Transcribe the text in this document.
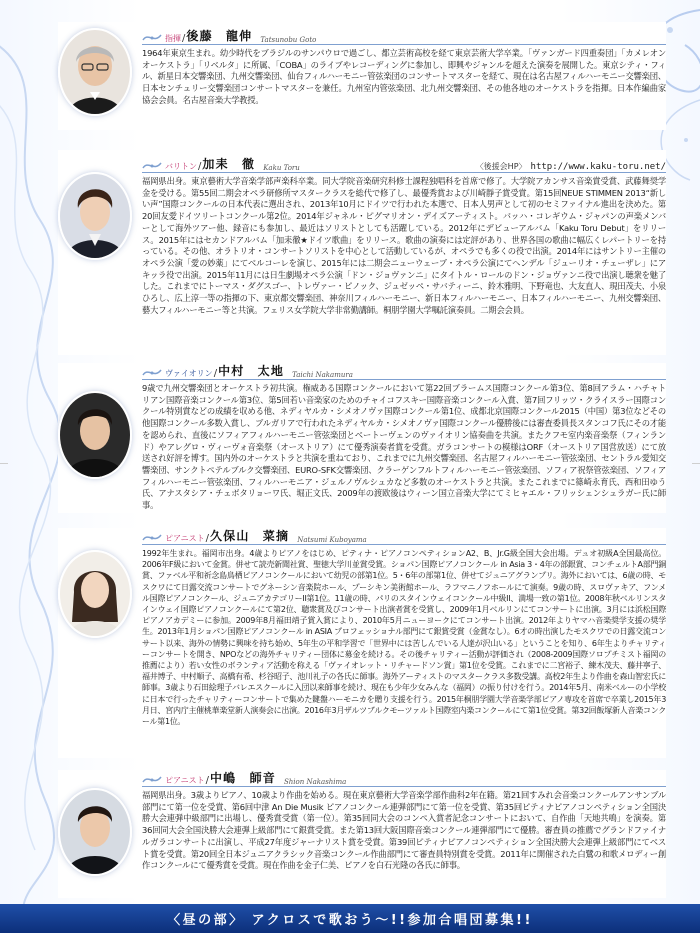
指揮 / 後藤　龍伸 Tatsunobu Goto

1964年東京生まれ。幼少時代をブラジルのサンパウロで過ごし、都立芸術高校を経て東京芸術大学卒業。「ヴァンガード四重奏団」「カメレオンオーケストラ」「リベルタ」に所属、「COBA」のライブやレコーディングに参加し、即興やジャンルを超えた演奏を展開した。東京シティ・フィル、新星日本交響楽団、九州交響楽団、仙台フィルハーモニー管弦楽団のコンサートマスターを経て、現在は名古屋フィルハーモニー交響楽団、日本センチュリー交響楽団コンサートマスターを兼任。九州室内管弦楽団、北九州交響楽団、その他各地のオーケストラを指揮。日本作編曲家協会会員。名古屋音楽大学教授。

バリトン / 加耒　徹 Kaku Toru	〈後援会HP〉 http://www.kaku-toru.net/

福岡県出身。東京藝術大学音楽学部声楽科卒業。同大学院音楽研究科修士課程独唱科を首席で修了。大学院アカンサス音楽賞受賞、武藤舞奨学金を受ける。第55回二期会オペラ研修所マスタークラスを総代で修了し、最優秀賞および川崎靜子賞受賞。第15回NEUE STIMMEN 2013“新しい声”国際コンクールの日本代表に選出され、2013年10月にドイツで行われた本選で、日本人男声として初のセミファイナル進出を決めた。第20回友愛ドイツリートコンクール第2位。2014年ジャネル・ピグマリオン・デイズアーティスト。バッハ・コレギウム・ジャパンの声楽メンバーとして海外ツアー他、録音にも参加し、最近はソリストとしても活躍している。2012年にデビューアルバム「Kaku Toru Debut」をリリース。2015年にはセカンドアルバム「加耒徹★ドイツ歌曲」をリリース。歌曲の演奏には定評があり、世界各国の歌曲に幅広くレパートリーを持っている。その他、オラトリオ・コンサートソリストを中心として活動しているが、オペラでも多くの役で出演。2014年にはサントリー主催のオペラ公演「愛の妙薬」にてベルコーレを演じ、2015年には二期会ニューウェーブ・オペラ公演にてヘンデル「ジューリオ・チェーザレ」にアキッラ役で出演。2015年11月には日生劇場オペラ公演「ドン・ジョヴァンニ」にタイトル・ロールのドン・ジョヴァンニ役で出演し聴衆を魅了した。これまでにトーマス・ダグスゴー、トレヴァー・ピノック、ジュゼッペ・サバティーニ、鈴木雅明、下野竜也、大友直人、現田茂夫、小泉ひろし、広上淳一等の指揮の下、東京都交響楽団、神奈川フィルハーモニー、新日本フィルハーモニー、日本フィルハーモニー、九州交響楽団、藝大フィルハーモニー等と共演。フェリス女学院大学非常勤講師。桐朋学園大学嘱託演奏員。二期会会員。

ヴァイオリン / 中村　太地 Taichi Nakamura

9歳で九州交響楽団とオーケストラ初共演。権威ある国際コンクールにおいて第22回ブラームス国際コンクール第3位、第8回アラム・ハチャトリアン国際音楽コンクール第3位、第5回若い音楽家のためのチャイコフスキー国際音楽コンクール入賞、第7回フリッツ・クライスラー国際コンクール特別賞などの成績を収める他、ネディヤルカ・シメオノヴァ国際コンクール第1位、成都北京国際コンクール2015（中国）第3位などその他国際コンクール多数入賞し、ブルガリアで行われたネディヤルカ・シメオノヴァ国際コンクール優勝後には審査委員長スタンコフ氏にその才能を認められ、直後にソフィアフィルハーモニー管弦楽団とベートーヴェンのヴァイオリン協奏曲を共演。またクフモ室内楽音楽祭（フィンランド）やアレグロ・ヴィーヴォ音楽祭（オーストリア）にて優秀演奏者賞を受賞。ガラコンサートの模様はORF（オーストリア国営放送）にて放送され好評を博す。国内外のオーケストラと共演を重ねており、これまでに九州交響楽団、名古屋フィルハーモニー管弦楽団、セントラル愛知交響楽団、サンクトペテルブルク交響楽団、EURO-SFK交響楽団、クラーゲンフルトフィルハーモニー管弦楽団、ソフィア祝祭管弦楽団、ソフィアフィルハーモニー管弦楽団、フィルハーモニア・ジェルノヴルシュカなど多数のオーケストラと共演。またこれまでに篠崎永育氏、西和田ゆう氏、アナスタシア・チェボタリョーワ氏、堀正文氏、2009年の渡欧後はウィーン国立音楽大学にてミヒャエル・フリッシェンシュラガー氏に師事。

ピアニスト / 久保山　菜摘 Natsumi Kuboyama

1992年生まれ。福岡市出身。4歳よりピアノをはじめ、ピティナ・ピアノコンペティションA2、B、Jr.G級全国大会出場。デュオ初級A全国最高位。2006年F級において金賞。併せて読売新聞社賞、聖徳大学川並賞受賞。ショパン国際ピアノコンクール in Asia 3・4年の部銀賞、コンチェルトA部門銅賞、ファベル平和祈念島鳥栖ピアノコンクールにおいて幼児の部第1位。5・6年の部第1位、併せてジュニアグランプリ。海外においては、6歳の時、モスクワにて日露交流コンサートでグネーシン音楽院ホール、プーシキン美術館ホール、ラフマニノフホールにて演奏。9歳の時、スロヴァキア、フンメル国際ピアノコンクール、ジュニアカテゴリーII第1位。11歳の時、パリのスタインウェイコンクール中級II、満場一致の第1位。2008年秋ベルリンスタインウェイ国際ピアノコンクールにて第2位、聴衆賞及びコンサート出演者賞を受賞し、2009年1月ベルリンにてコンサートに出演。3月には浜松国際ピアノアカデミーに参加。2009年8月福田靖子賞入賞により、2010年5月ニューヨークにてコンサート出演。2012年よりヤマハ音楽奨学支援の奨学生。2013年1月ショパン国際ピアノコンクール in ASIA プロフェッショナル部門にて銀賞受賞（金賞なし）。6才の時出演したモスクワでの日露交流コンサート以来、海外の情勢に興味を持ち始め、5年生の平和学習で「世界中には苦しんでいる人達が沢山いる」ということを知り、6年生よりチャリティーコンサートを開き、NPOなどの海外チャリティー団体に募金を続ける。その後チャリティー活動が評価され（2008-2009国際ソロプチミスト福岡の推薦により）若い女性のボランティア活動を称える「ヴァイオレット・リチャードソン賞」第1位を受賞。これまでに二宮裕子、練木茂夫、藤井寧子、福井博子、中村順子、高橋有希、杉谷昭子、池川礼子の各氏に師事。海外アーティストのマスタークラス多数受講。高校2年生より作曲を森山智宏氏に師事。3歳より石田絵理子バレエスクールに入団以来師事を続け、現在も少年少女みんな（福岡）の振り付けを行う。2014年5月、南米ベルーの小学校に日本で行ったチャリティーコンサートで集めた鍵盤ハーモニカを贈り支援を行う。2015年桐朋学園大学音楽学部ピアノ専攻を首席で卒業し2015年3月日、宮内庁主催桃華楽堂新人演奏会に出演。2016年3月ザルツブルクモーツァルト国際室内楽コンクールにて第1位受賞。第32回飯塚新人音楽コンクール第1位。

ピアニスト / 中嶋　師音 Shion Nakashima

福岡県出身。3歳よりピアノ、10歳より作曲を始める。現在東京藝術大学音楽学部作曲科2年在籍。第21回すみれ会音楽コンクールアンサンブル部門にて第一位を受賞、第6回中津 An Die Musik ピアノコンクール連弾部門にて第一位を受賞、第35回ピティナピアノコンペティション全国決勝大会連弾中級部門に出場し、優秀賞受賞（第一位）。第35回同大会のコンペ入賞者記念コンサートにおいて、自作曲「天地共鳴」を演奏。第36回同大会全国決勝大会連弾上級部門にて銀賞受賞。また第13回大阪国際音楽コンクール連弾部門にて優勝。審査員の推薦でグランドファイナルガラコンサートに出演し、平成27年度ジャーナリスト賞を受賞。第39回ピティナピアノコンペティション全国決勝大会連弾上級部門にてベスト賞を受賞。第20回全日本ジュニアクラシック音楽コンクール作曲部門にて審査員特別賞を受賞。2011年に開催された白鷺の和歌メロディー創作コンクールにて優秀賞を受賞。現在作曲を金子仁美、ピアノを白石光隆の各氏に師事。

〈昼の部〉 アクロスで歌おう〜!!参加合唱団募集!!
